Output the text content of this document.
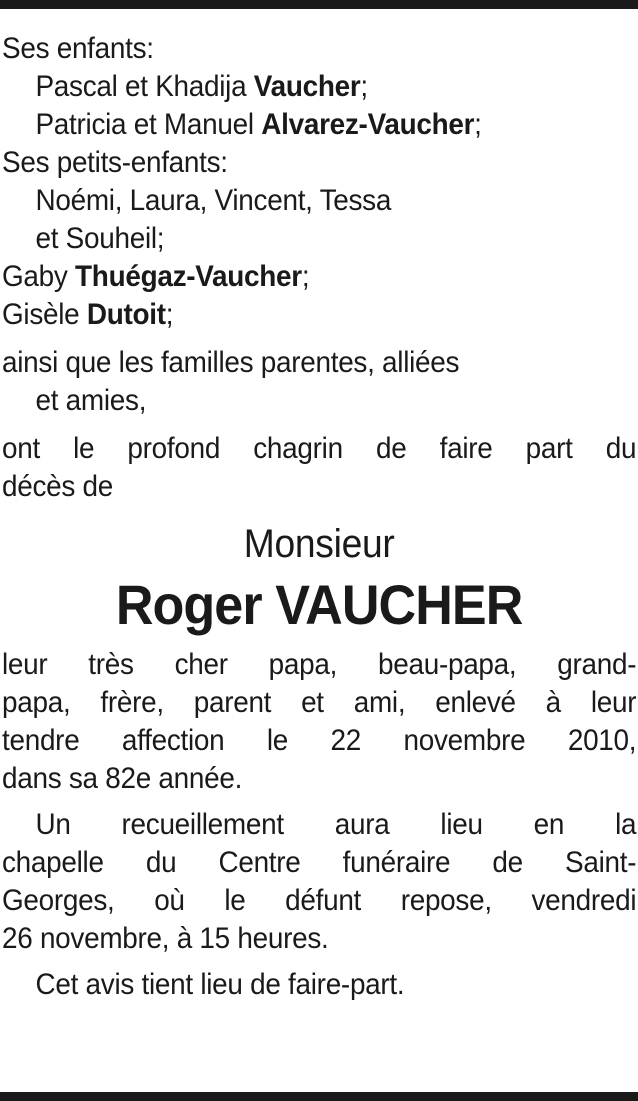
Ses enfants:
Pascal et Khadija Vaucher;
Patricia et Manuel Alvarez-Vaucher;
Ses petits-enfants:
Noémi, Laura, Vincent, Tessa
et Souheil;
Gaby Thuégaz-Vaucher;
Gisèle Dutoit;
ainsi que les familles parentes, alliées
et amies,
ont le profond chagrin de faire part du
décès de
Monsieur
Roger VAUCHER
leur très cher papa, beau-papa, grand-
papa, frère, parent et ami, enlevé à leur
tendre affection le 22 novembre 2010,
dans sa 82e année.
Un recueillement aura lieu en la
chapelle du Centre funéraire de Saint-
Georges, où le défunt repose, vendredi
26 novembre, à 15 heures.
Cet avis tient lieu de faire-part.
